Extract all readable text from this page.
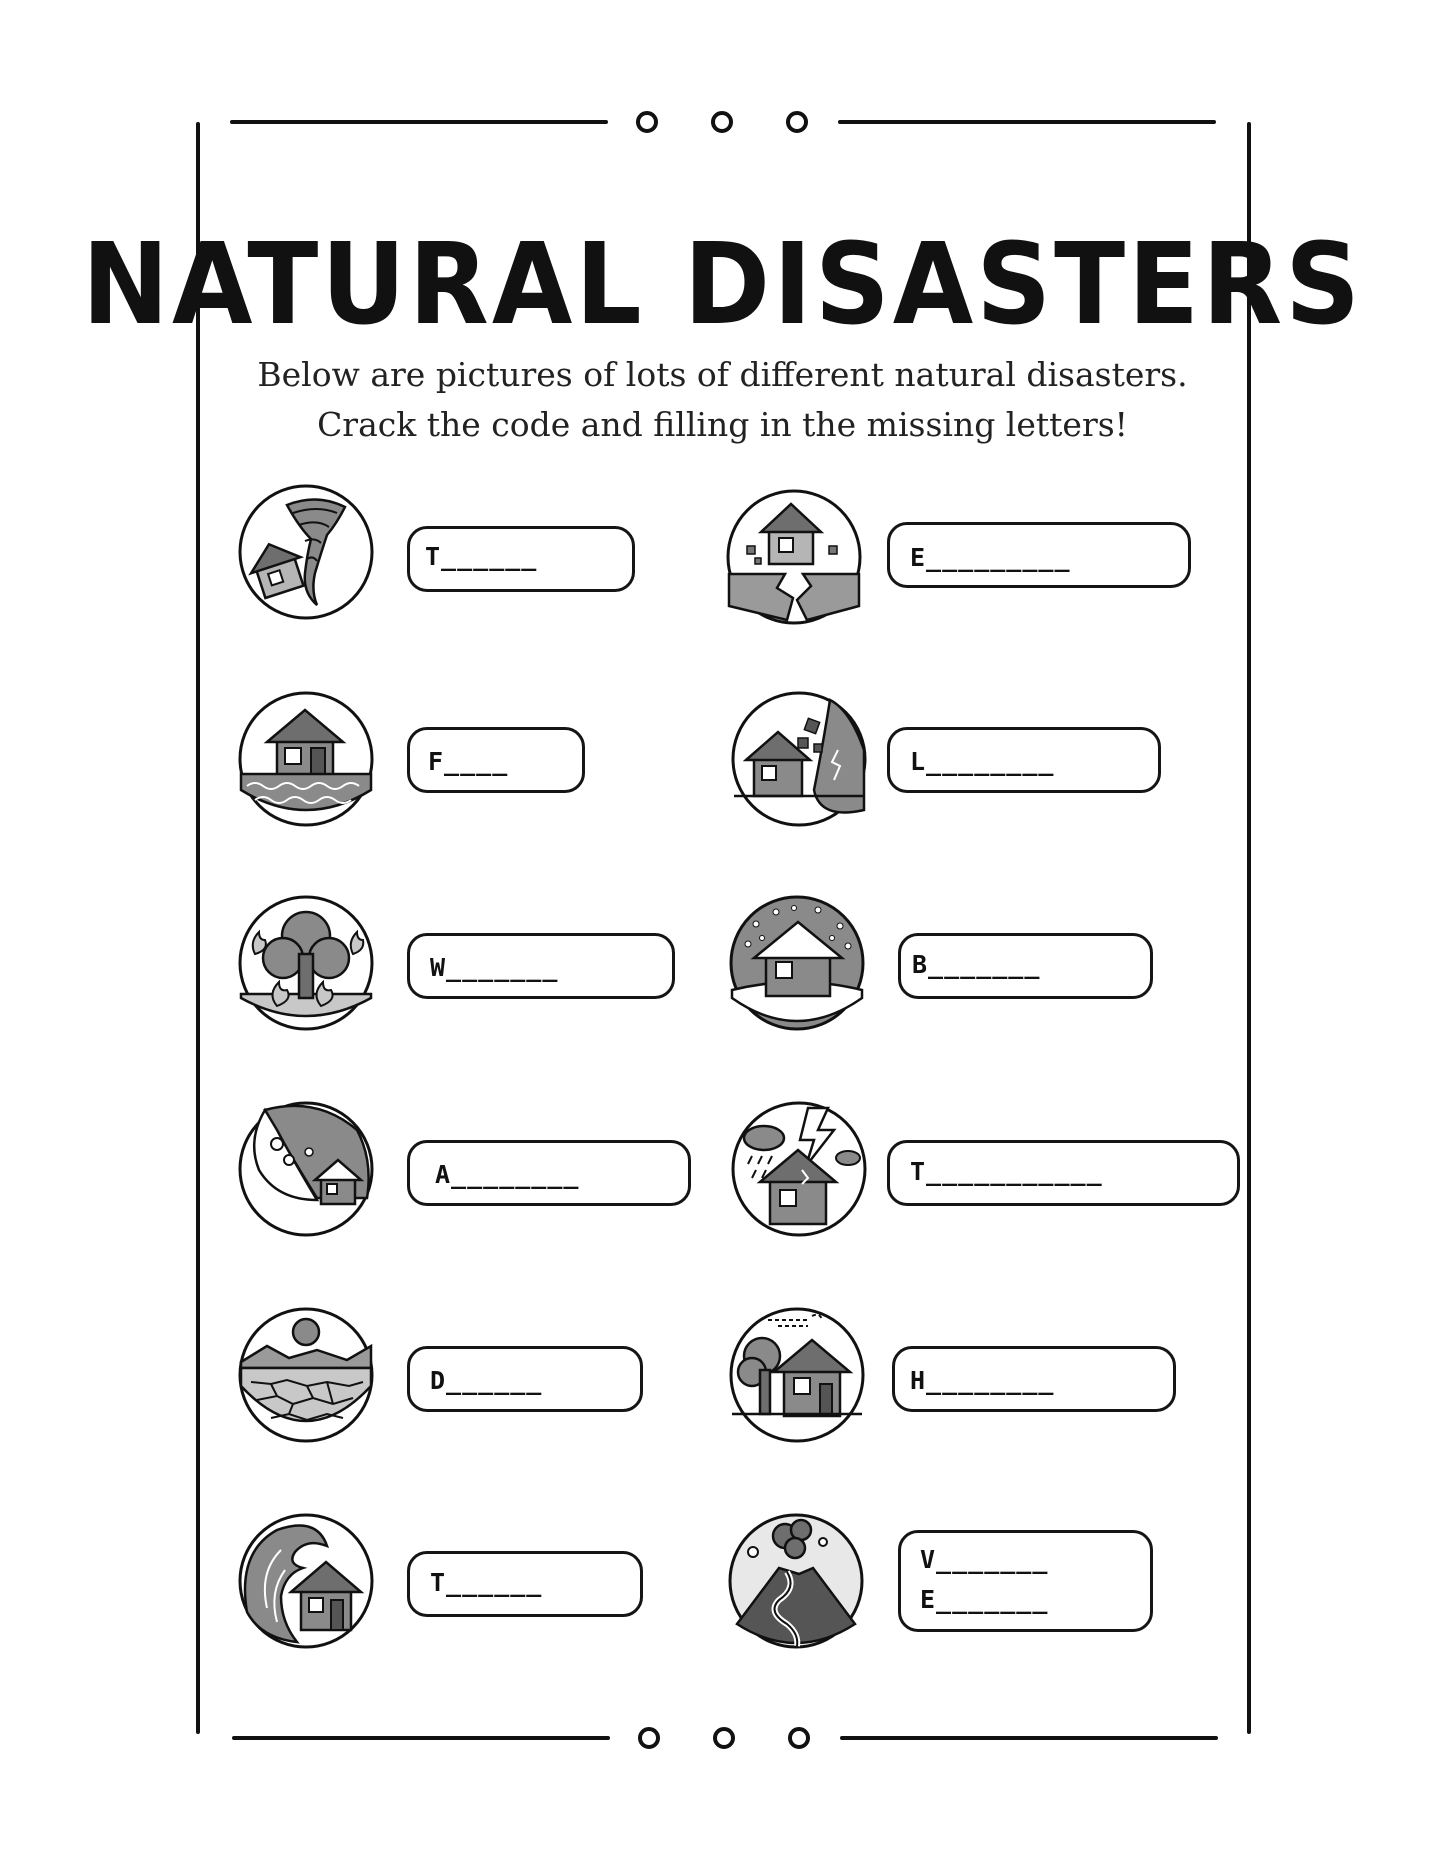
NATURAL DISASTERS
Below are pictures of lots of different natural disasters.
Crack the code and filling in the missing letters!
T______	E_________
F____	L________
W_______	B_______
A________	T___________
D______	H________
T______
V_______
E_______
